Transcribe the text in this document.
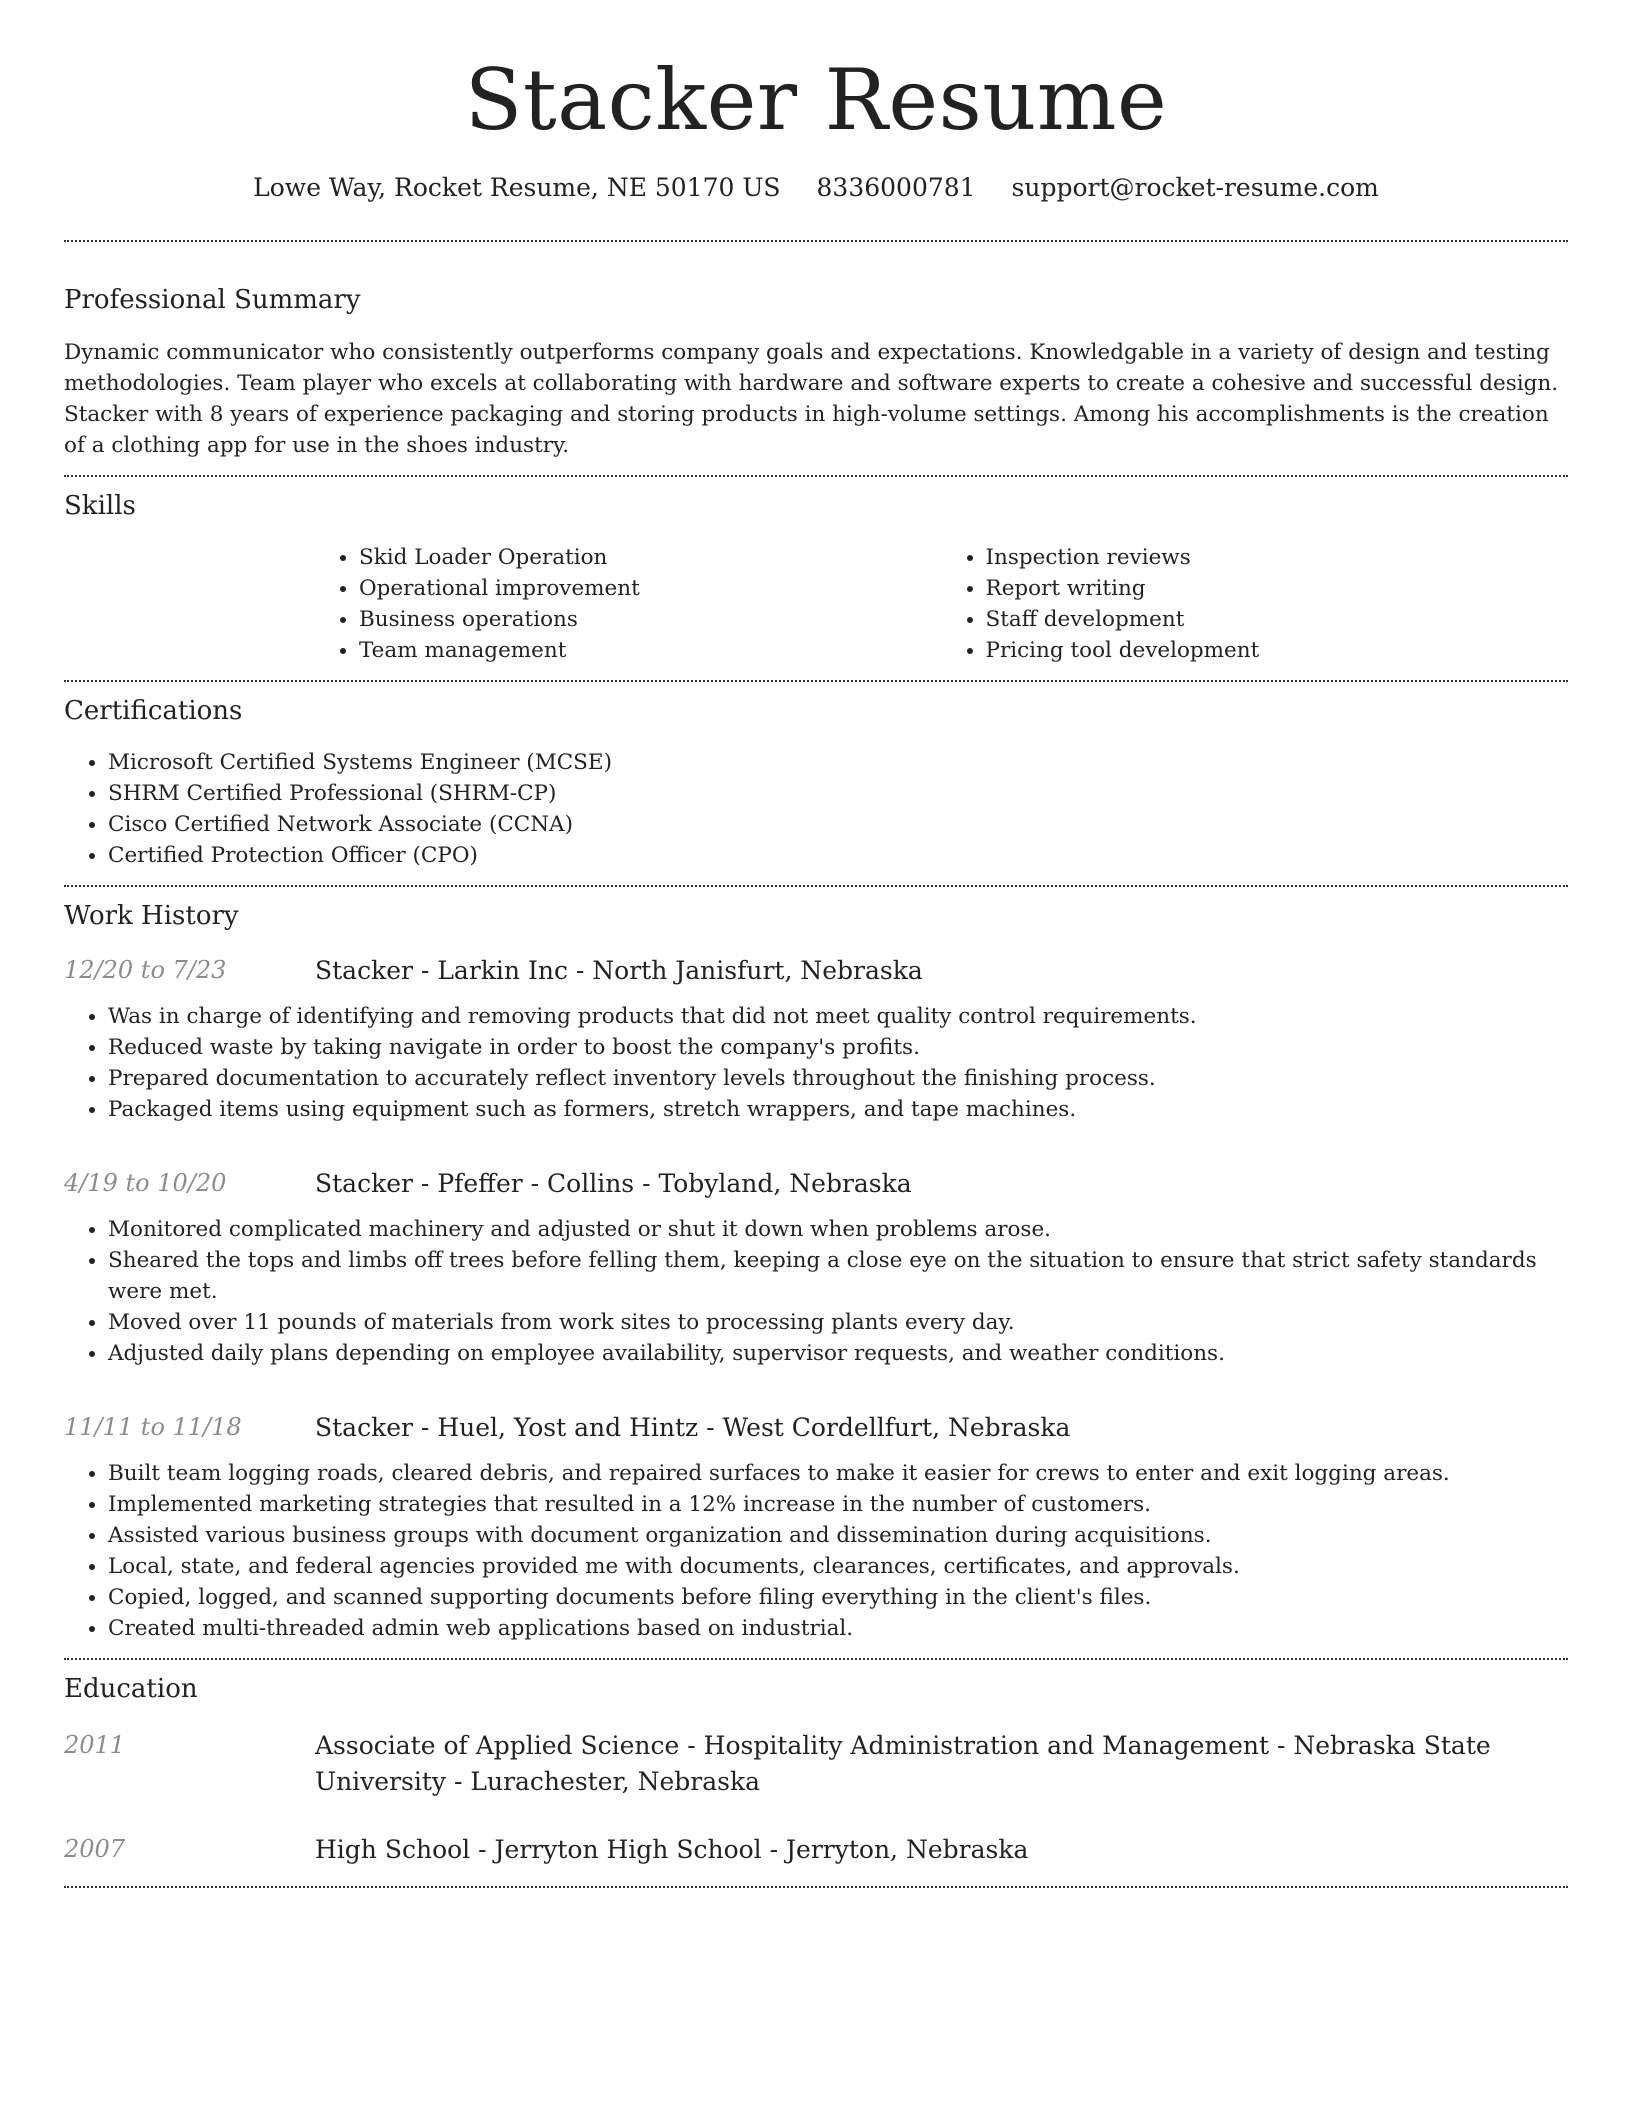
Stacker Resume
Lowe Way, Rocket Resume, NE 50170 US 8336000781 support@rocket-resume.com
Professional Summary

Dynamic communicator who consistently outperforms company goals and expectations. Knowledgable in a variety of design and testing methodologies. Team player who excels at collaborating with hardware and software experts to create a cohesive and successful design. Stacker with 8 years of experience packaging and storing products in high-volume settings. Among his accomplishments is the creation of a clothing app for use in the shoes industry.

Skills
• Skid Loader Operation
• Operational improvement
• Business operations
• Team management
• Inspection reviews
• Report writing
• Staff development
• Pricing tool development
Certifications
• Microsoft Certified Systems Engineer (MCSE)
• SHRM Certified Professional (SHRM-CP)
• Cisco Certified Network Associate (CCNA)
• Certified Protection Officer (CPO)
Work History
12/20 to 7/23	Stacker - Larkin Inc - North Janisfurt, Nebraska
• Was in charge of identifying and removing products that did not meet quality control requirements.
• Reduced waste by taking navigate in order to boost the company's profits.
• Prepared documentation to accurately reflect inventory levels throughout the finishing process.
• Packaged items using equipment such as formers, stretch wrappers, and tape machines.
4/19 to 10/20	Stacker - Pfeffer - Collins - Tobyland, Nebraska
• Monitored complicated machinery and adjusted or shut it down when problems arose.
• Sheared the tops and limbs off trees before felling them, keeping a close eye on the situation to ensure that strict safety standards were met.
• Moved over 11 pounds of materials from work sites to processing plants every day.
• Adjusted daily plans depending on employee availability, supervisor requests, and weather conditions.
11/11 to 11/18	Stacker - Huel, Yost and Hintz - West Cordellfurt, Nebraska
• Built team logging roads, cleared debris, and repaired surfaces to make it easier for crews to enter and exit logging areas.
• Implemented marketing strategies that resulted in a 12% increase in the number of customers.
• Assisted various business groups with document organization and dissemination during acquisitions.
• Local, state, and federal agencies provided me with documents, clearances, certificates, and approvals.
• Copied, logged, and scanned supporting documents before filing everything in the client's files.
• Created multi-threaded admin web applications based on industrial.
Education
2011	Associate of Applied Science - Hospitality Administration and Management - Nebraska State University - Lurachester, Nebraska
2007	High School - Jerryton High School - Jerryton, Nebraska
